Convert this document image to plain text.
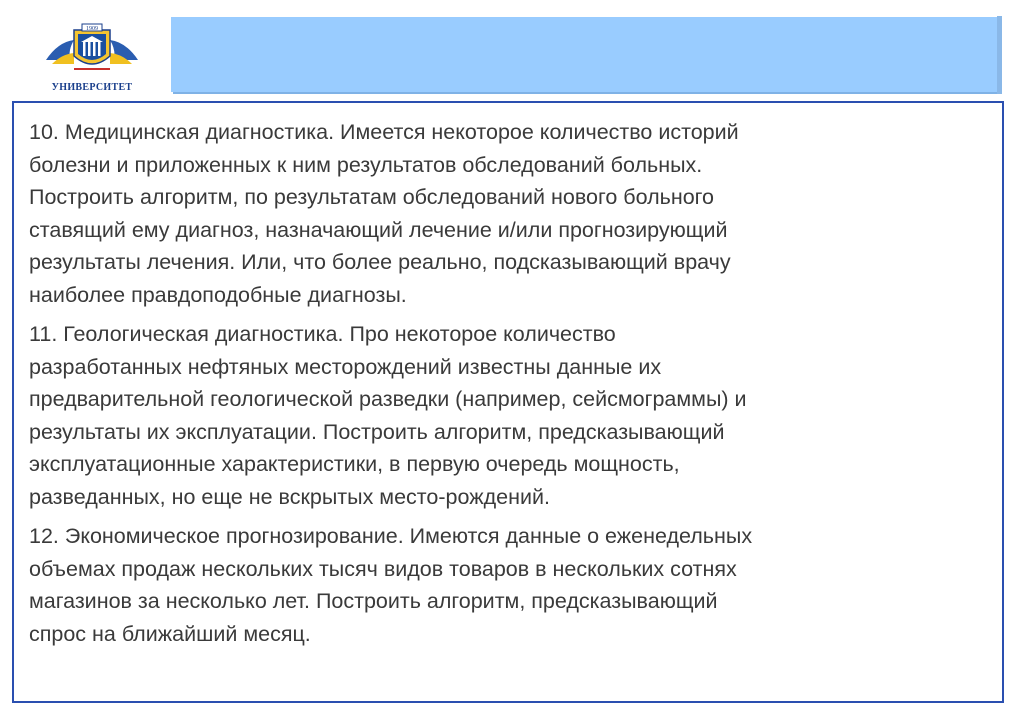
1909
УНИВЕРСИТЕТ

10. Медицинская диагностика. Имеется некоторое количество историй
болезни и приложенных к ним результатов обследований больных.
Построить алгоритм, по результатам обследований нового больного
ставящий ему диагноз, назначающий лечение и/или прогнозирующий
результаты лечения. Или, что более реально, подсказывающий врачу
наиболее правдоподобные диагнозы.

11. Геологическая диагностика. Про некоторое количество
разработанных нефтяных месторождений известны данные их
предварительной геологической разведки (например, сейсмограммы) и
результаты их эксплуатации. Построить алгоритм, предсказывающий
эксплуатационные характеристики, в первую очередь мощность,
разведанных, но еще не вскрытых место-рождений.

12. Экономическое прогнозирование. Имеются данные о еженедельных
объемах продаж нескольких тысяч видов товаров в нескольких сотнях
магазинов за несколько лет. Построить алгоритм, предсказывающий
спрос на ближайший месяц.
